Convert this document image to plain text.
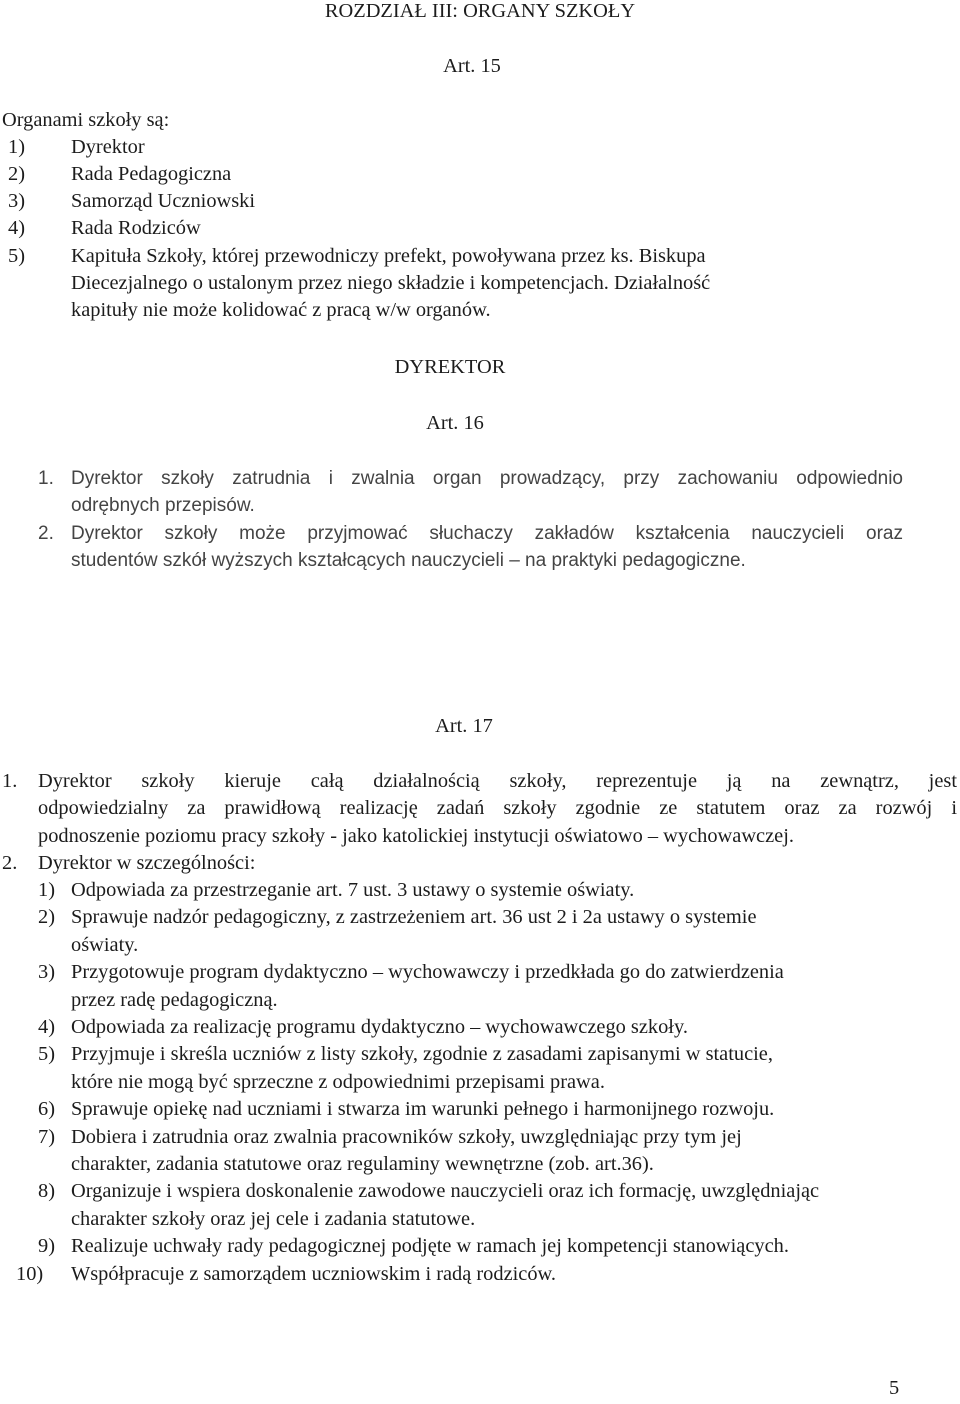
ROZDZIAŁ III: ORGANY SZKOŁY
Art. 15
Organami szkoły są:
1) Dyrektor
2) Rada Pedagogiczna
3) Samorząd Uczniowski
4) Rada Rodziców
5) Kapituła Szkoły, której przewodniczy prefekt, powoływana przez ks. Biskupa
Diecezjalnego o ustalonym przez niego składzie i kompetencjach. Działalność
kapituły nie może kolidować z pracą w/w organów.
DYREKTOR
Art. 16
1. Dyrektor szkoły zatrudnia i zwalnia organ prowadzący, przy zachowaniu odpowiednio
odrębnych przepisów.
2. Dyrektor szkoły może przyjmować słuchaczy zakładów kształcenia nauczycieli oraz
studentów szkół wyższych kształcących nauczycieli – na praktyki pedagogiczne.
Art. 17
1. Dyrektor szkoły kieruje całą działalnością szkoły, reprezentuje ją na zewnątrz, jest
odpowiedzialny za prawidłową realizację zadań szkoły zgodnie ze statutem oraz za rozwój i
podnoszenie poziomu pracy szkoły - jako katolickiej instytucji oświatowo – wychowawczej.
2. Dyrektor w szczególności:
1) Odpowiada za przestrzeganie art. 7 ust. 3 ustawy o systemie oświaty.
2) Sprawuje nadzór pedagogiczny, z zastrzeżeniem art. 36 ust 2 i 2a ustawy o systemie
oświaty.
3) Przygotowuje program dydaktyczno – wychowawczy i przedkłada go do zatwierdzenia
przez radę pedagogiczną.
4) Odpowiada za realizację programu dydaktyczno – wychowawczego szkoły.
5) Przyjmuje i skreśla uczniów z listy szkoły, zgodnie z zasadami zapisanymi w statucie,
które nie mogą być sprzeczne z odpowiednimi przepisami prawa.
6) Sprawuje opiekę nad uczniami i stwarza im warunki pełnego i harmonijnego rozwoju.
7) Dobiera i zatrudnia oraz zwalnia pracowników szkoły, uwzględniając przy tym jej
charakter, zadania statutowe oraz regulaminy wewnętrzne (zob. art.36).
8) Organizuje i wspiera doskonalenie zawodowe nauczycieli oraz ich formację, uwzględniając
charakter szkoły oraz jej cele i zadania statutowe.
9) Realizuje uchwały rady pedagogicznej podjęte w ramach jej kompetencji stanowiących.
10) Współpracuje z samorządem uczniowskim i radą rodziców.
5
